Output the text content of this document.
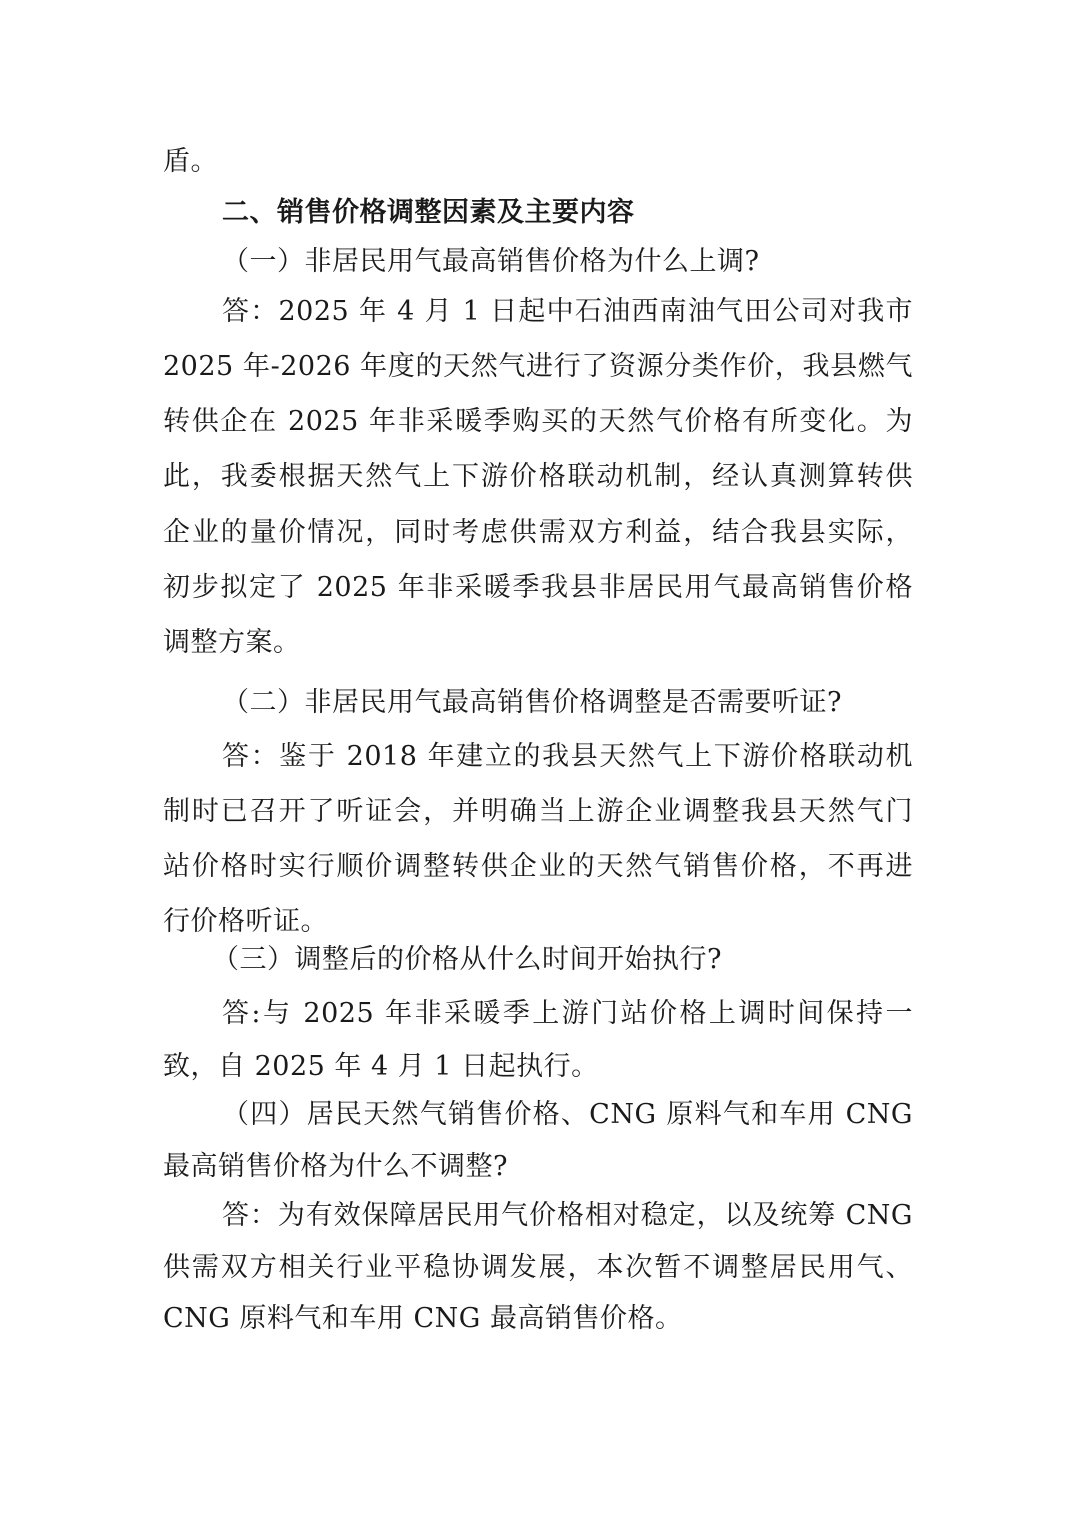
盾。
二、销售价格调整因素及主要内容
（一）非居民用气最高销售价格为什么上调?
答：2025 年 4 月 1 日起中石油西南油气田公司对我市
2025 年-2026 年度的天然气进行了资源分类作价，我县燃气
转供企在 2025 年非采暖季购买的天然气价格有所变化。为
此，我委根据天然气上下游价格联动机制，经认真测算转供
企业的量价情况，同时考虑供需双方利益，结合我县实际，
初步拟定了 2025 年非采暖季我县非居民用气最高销售价格
调整方案。
（二）非居民用气最高销售价格调整是否需要听证?
答：鉴于 2018 年建立的我县天然气上下游价格联动机
制时已召开了听证会，并明确当上游企业调整我县天然气门
站价格时实行顺价调整转供企业的天然气销售价格，不再进
行价格听证。
（三）调整后的价格从什么时间开始执行?
答:与 2025 年非采暖季上游门站价格上调时间保持一
致，自 2025 年 4 月 1 日起执行。
（四）居民天然气销售价格、CNG 原料气和车用 CNG
最高销售价格为什么不调整?
答：为有效保障居民用气价格相对稳定，以及统筹 CNG
供需双方相关行业平稳协调发展，本次暂不调整居民用气、
CNG 原料气和车用 CNG 最高销售价格。
